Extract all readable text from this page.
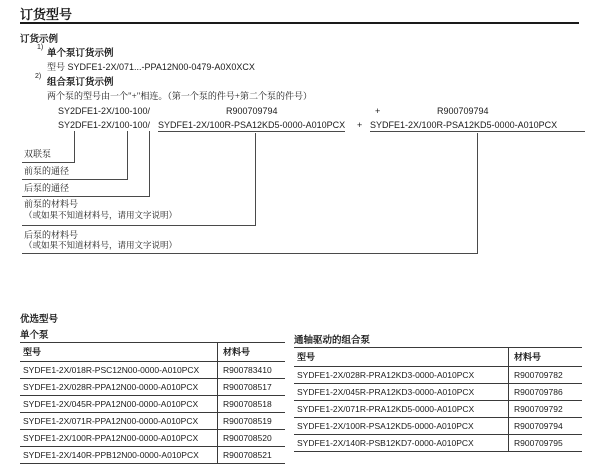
订货型号
订货示例
1)
单个泵订货示例
型号 SYDFE1-2X/071...-PPA12N00-0479-A0X0XCX
2)
组合泵订货示例
两个泵的型号由一个"+"相连。（第一个泵的件号+第二个泵的件号）
SY2DFE1-2X/100-100/	R900709794	+	R900709794
SY2DFE1-2X/100-100/ SYDFE1-2X/100R-PSA12KD5-0000-A010PCX + SYDFE1-2X/100R-PSA12KD5-0000-A010PCX
双联泵
前泵的通径
后泵的通径
前泵的材料号
（或如果不知道材料号，请用文字说明）
后泵的材料号
（或如果不知道材料号，请用文字说明）
优选型号
单个泵	通轴驱动的组合泵
型号	材料号
SYDFE1-2X/018R-PSC12N00-0000-A010PCX	R900783410
SYDFE1-2X/028R-PPA12N00-0000-A010PCX	R900708517
SYDFE1-2X/045R-PPA12N00-0000-A010PCX	R900708518
SYDFE1-2X/071R-PPA12N00-0000-A010PCX	R900708519
SYDFE1-2X/100R-PPA12N00-0000-A010PCX	R900708520
SYDFE1-2X/140R-PPB12N00-0000-A010PCX	R900708521
型号	材料号
SYDFE1-2X/028R-PRA12KD3-0000-A010PCX	R900709782
SYDFE1-2X/045R-PRA12KD3-0000-A010PCX	R900709786
SYDFE1-2X/071R-PRA12KD5-0000-A010PCX	R900709792
SYDFE1-2X/100R-PSA12KD5-0000-A010PCX	R900709794
SYDFE1-2X/140R-PSB12KD7-0000-A010PCX	R900709795
